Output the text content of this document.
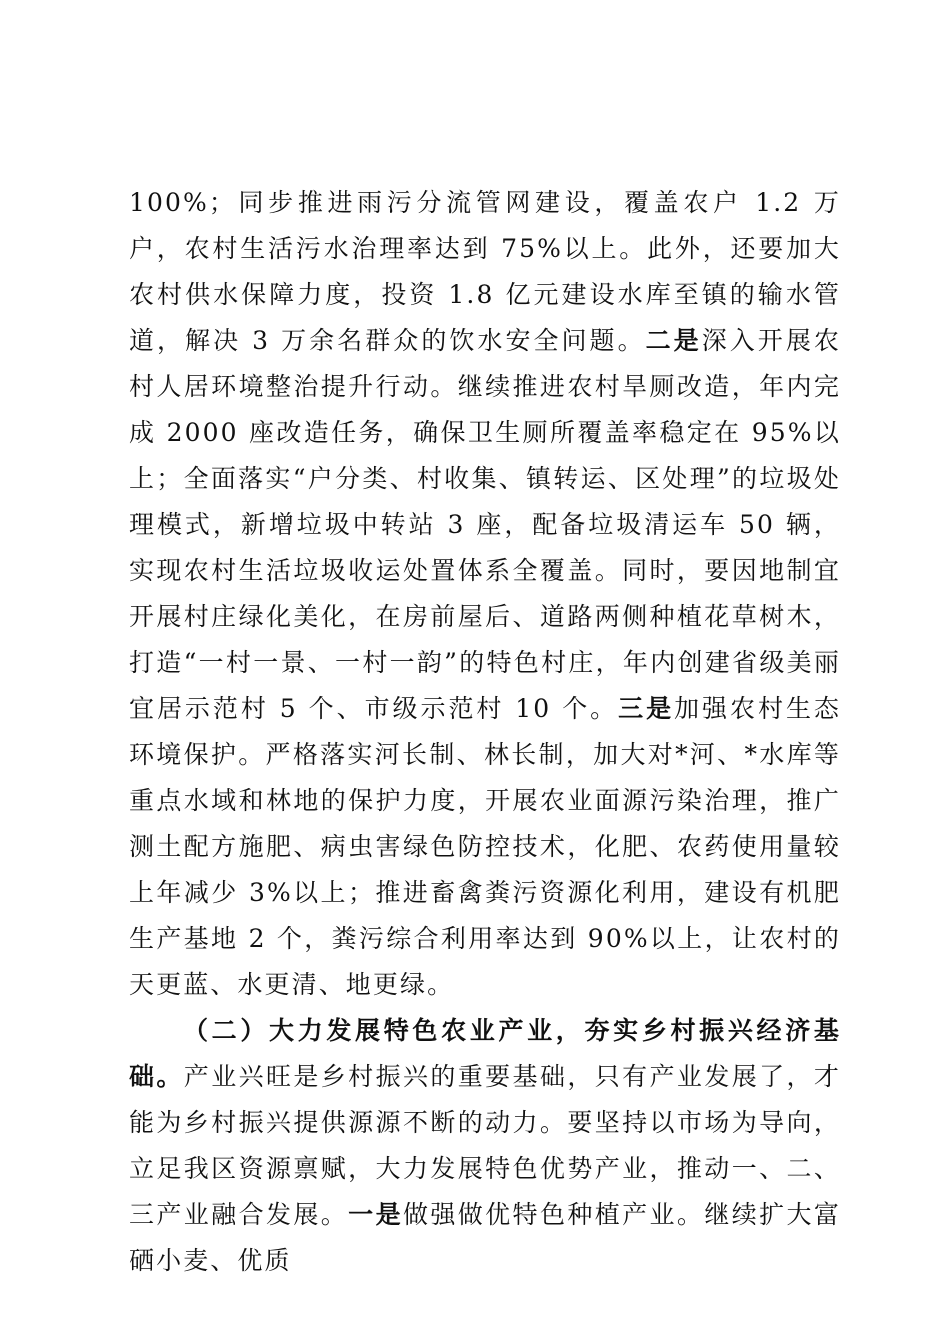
100%；同步推进雨污分流管网建设，覆盖农户 1.2 万户，农村生活污水治理率达到 75%以上。此外，还要加大农村供水保障力度，投资 1.8 亿元建设水库至镇的输水管道，解决 3 万余名群众的饮水安全问题。二是深入开展农村人居环境整治提升行动。继续推进农村旱厕改造，年内完成 2000 座改造任务，确保卫生厕所覆盖率稳定在 95%以上；全面落实“户分类、村收集、镇转运、区处理”的垃圾处理模式，新增垃圾中转站 3 座，配备垃圾清运车 50 辆，实现农村生活垃圾收运处置体系全覆盖。同时，要因地制宜开展村庄绿化美化，在房前屋后、道路两侧种植花草树木，打造“一村一景、一村一韵”的特色村庄，年内创建省级美丽宜居示范村 5 个、市级示范村 10 个。三是加强农村生态环境保护。严格落实河长制、林长制，加大对*河、*水库等重点水域和林地的保护力度，开展农业面源污染治理，推广测土配方施肥、病虫害绿色防控技术，化肥、农药使用量较上年减少 3%以上；推进畜禽粪污资源化利用，建设有机肥生产基地 2 个，粪污综合利用率达到 90%以上，让农村的天更蓝、水更清、地更绿。

（二）大力发展特色农业产业，夯实乡村振兴经济基础。产业兴旺是乡村振兴的重要基础，只有产业发展了，才能为乡村振兴提供源源不断的动力。要坚持以市场为导向，立足我区资源禀赋，大力发展特色优势产业，推动一、二、三产业融合发展。一是做强做优特色种植产业。继续扩大富硒小麦、优质
